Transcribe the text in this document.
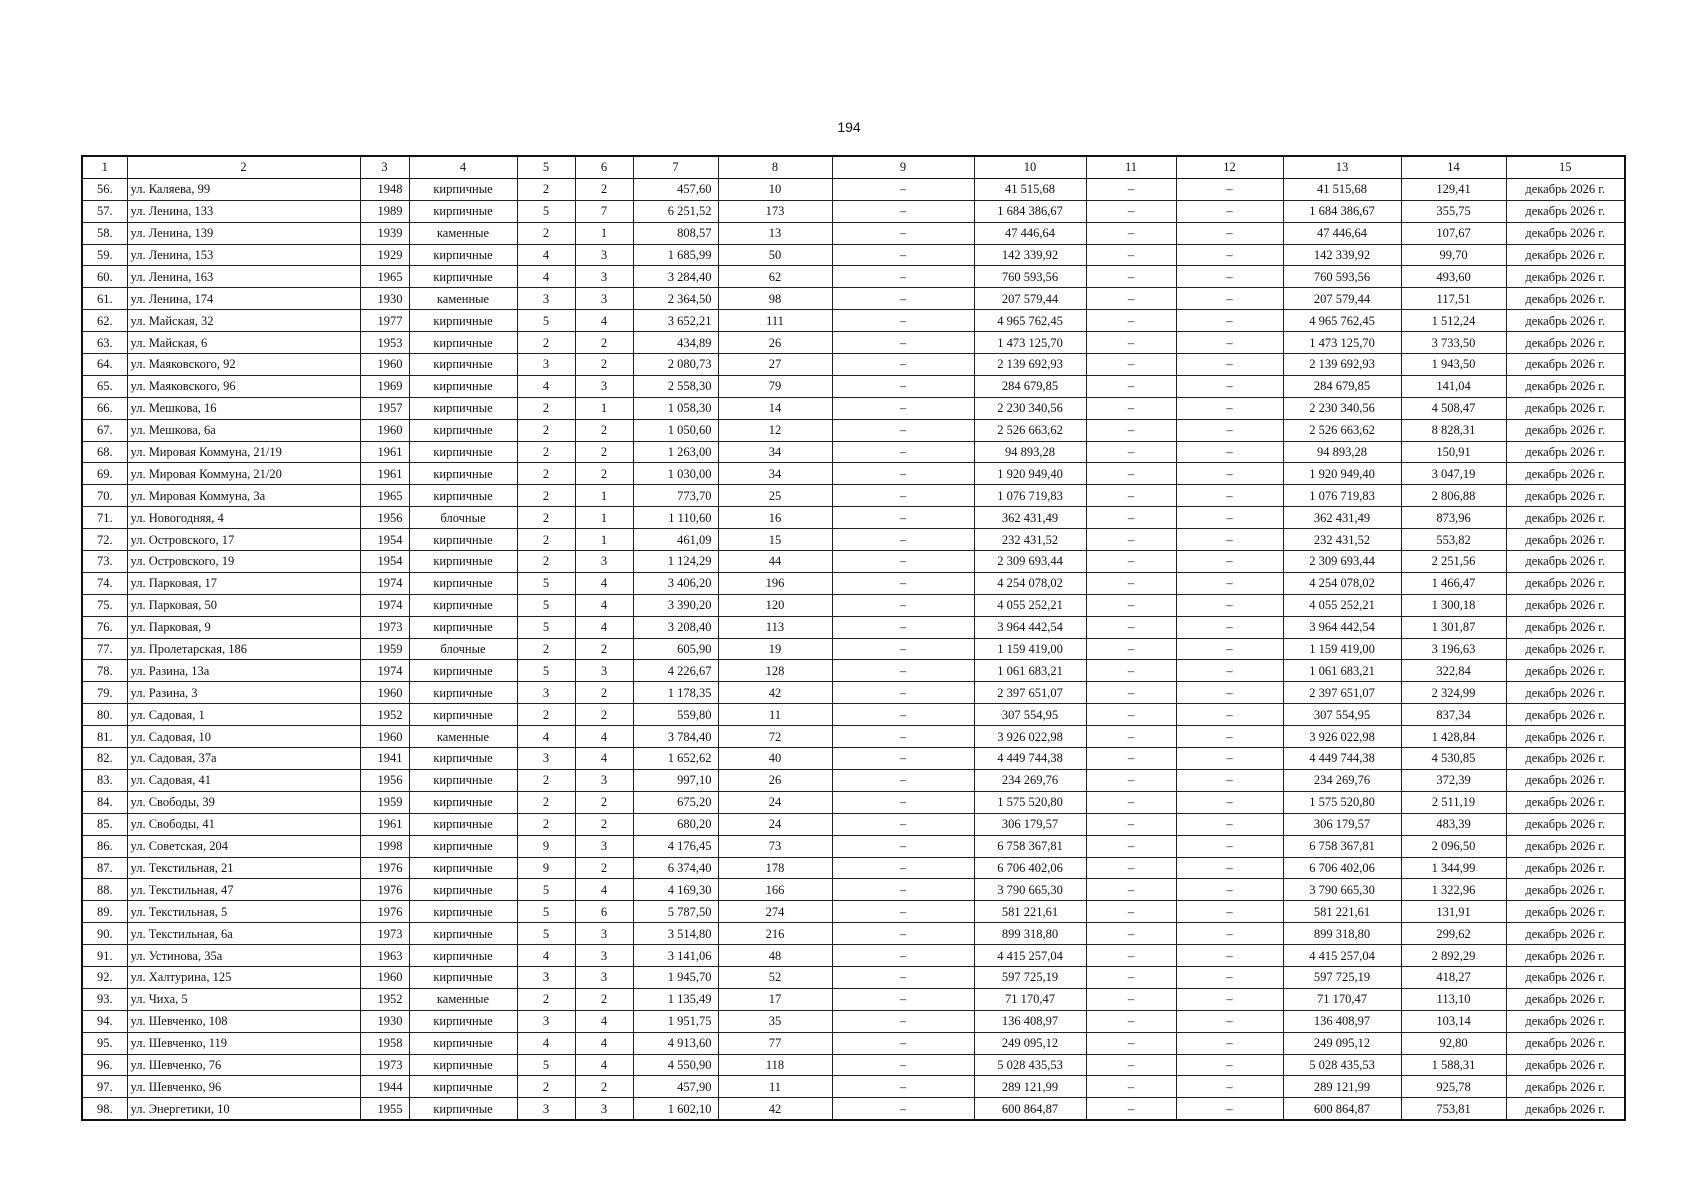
194
1	2	3	4	5	6	7	8	9	10	11	12	13	14	15
56.	ул. Каляева, 99	1948	кирпичные	2	2	457,60	10	–	41 515,68	–	–	41 515,68	129,41	декабрь 2026 г.
57.	ул. Ленина, 133	1989	кирпичные	5	7	6 251,52	173	–	1 684 386,67	–	–	1 684 386,67	355,75	декабрь 2026 г.
58.	ул. Ленина, 139	1939	каменные	2	1	808,57	13	–	47 446,64	–	–	47 446,64	107,67	декабрь 2026 г.
59.	ул. Ленина, 153	1929	кирпичные	4	3	1 685,99	50	–	142 339,92	–	–	142 339,92	99,70	декабрь 2026 г.
60.	ул. Ленина, 163	1965	кирпичные	4	3	3 284,40	62	–	760 593,56	–	–	760 593,56	493,60	декабрь 2026 г.
61.	ул. Ленина, 174	1930	каменные	3	3	2 364,50	98	–	207 579,44	–	–	207 579,44	117,51	декабрь 2026 г.
62.	ул. Майская, 32	1977	кирпичные	5	4	3 652,21	111	–	4 965 762,45	–	–	4 965 762,45	1 512,24	декабрь 2026 г.
63.	ул. Майская, 6	1953	кирпичные	2	2	434,89	26	–	1 473 125,70	–	–	1 473 125,70	3 733,50	декабрь 2026 г.
64.	ул. Маяковского, 92	1960	кирпичные	3	2	2 080,73	27	–	2 139 692,93	–	–	2 139 692,93	1 943,50	декабрь 2026 г.
65.	ул. Маяковского, 96	1969	кирпичные	4	3	2 558,30	79	–	284 679,85	–	–	284 679,85	141,04	декабрь 2026 г.
66.	ул. Мешкова, 16	1957	кирпичные	2	1	1 058,30	14	–	2 230 340,56	–	–	2 230 340,56	4 508,47	декабрь 2026 г.
67.	ул. Мешкова, 6а	1960	кирпичные	2	2	1 050,60	12	–	2 526 663,62	–	–	2 526 663,62	8 828,31	декабрь 2026 г.
68.	ул. Мировая Коммуна, 21/19	1961	кирпичные	2	2	1 263,00	34	–	94 893,28	–	–	94 893,28	150,91	декабрь 2026 г.
69.	ул. Мировая Коммуна, 21/20	1961	кирпичные	2	2	1 030,00	34	–	1 920 949,40	–	–	1 920 949,40	3 047,19	декабрь 2026 г.
70.	ул. Мировая Коммуна, 3а	1965	кирпичные	2	1	773,70	25	–	1 076 719,83	–	–	1 076 719,83	2 806,88	декабрь 2026 г.
71.	ул. Новогодняя, 4	1956	блочные	2	1	1 110,60	16	–	362 431,49	–	–	362 431,49	873,96	декабрь 2026 г.
72.	ул. Островского, 17	1954	кирпичные	2	1	461,09	15	–	232 431,52	–	–	232 431,52	553,82	декабрь 2026 г.
73.	ул. Островского, 19	1954	кирпичные	2	3	1 124,29	44	–	2 309 693,44	–	–	2 309 693,44	2 251,56	декабрь 2026 г.
74.	ул. Парковая, 17	1974	кирпичные	5	4	3 406,20	196	–	4 254 078,02	–	–	4 254 078,02	1 466,47	декабрь 2026 г.
75.	ул. Парковая, 50	1974	кирпичные	5	4	3 390,20	120	–	4 055 252,21	–	–	4 055 252,21	1 300,18	декабрь 2026 г.
76.	ул. Парковая, 9	1973	кирпичные	5	4	3 208,40	113	–	3 964 442,54	–	–	3 964 442,54	1 301,87	декабрь 2026 г.
77.	ул. Пролетарская, 186	1959	блочные	2	2	605,90	19	–	1 159 419,00	–	–	1 159 419,00	3 196,63	декабрь 2026 г.
78.	ул. Разина, 13а	1974	кирпичные	5	3	4 226,67	128	–	1 061 683,21	–	–	1 061 683,21	322,84	декабрь 2026 г.
79.	ул. Разина, 3	1960	кирпичные	3	2	1 178,35	42	–	2 397 651,07	–	–	2 397 651,07	2 324,99	декабрь 2026 г.
80.	ул. Садовая, 1	1952	кирпичные	2	2	559,80	11	–	307 554,95	–	–	307 554,95	837,34	декабрь 2026 г.
81.	ул. Садовая, 10	1960	каменные	4	4	3 784,40	72	–	3 926 022,98	–	–	3 926 022,98	1 428,84	декабрь 2026 г.
82.	ул. Садовая, 37а	1941	кирпичные	3	4	1 652,62	40	–	4 449 744,38	–	–	4 449 744,38	4 530,85	декабрь 2026 г.
83.	ул. Садовая, 41	1956	кирпичные	2	3	997,10	26	–	234 269,76	–	–	234 269,76	372,39	декабрь 2026 г.
84.	ул. Свободы, 39	1959	кирпичные	2	2	675,20	24	–	1 575 520,80	–	–	1 575 520,80	2 511,19	декабрь 2026 г.
85.	ул. Свободы, 41	1961	кирпичные	2	2	680,20	24	–	306 179,57	–	–	306 179,57	483,39	декабрь 2026 г.
86.	ул. Советская, 204	1998	кирпичные	9	3	4 176,45	73	–	6 758 367,81	–	–	6 758 367,81	2 096,50	декабрь 2026 г.
87.	ул. Текстильная, 21	1976	кирпичные	9	2	6 374,40	178	–	6 706 402,06	–	–	6 706 402,06	1 344,99	декабрь 2026 г.
88.	ул. Текстильная, 47	1976	кирпичные	5	4	4 169,30	166	–	3 790 665,30	–	–	3 790 665,30	1 322,96	декабрь 2026 г.
89.	ул. Текстильная, 5	1976	кирпичные	5	6	5 787,50	274	–	581 221,61	–	–	581 221,61	131,91	декабрь 2026 г.
90.	ул. Текстильная, 6а	1973	кирпичные	5	3	3 514,80	216	–	899 318,80	–	–	899 318,80	299,62	декабрь 2026 г.
91.	ул. Устинова, 35а	1963	кирпичные	4	3	3 141,06	48	–	4 415 257,04	–	–	4 415 257,04	2 892,29	декабрь 2026 г.
92.	ул. Халтурина, 125	1960	кирпичные	3	3	1 945,70	52	–	597 725,19	–	–	597 725,19	418,27	декабрь 2026 г.
93.	ул. Чиха, 5	1952	каменные	2	2	1 135,49	17	–	71 170,47	–	–	71 170,47	113,10	декабрь 2026 г.
94.	ул. Шевченко, 108	1930	кирпичные	3	4	1 951,75	35	–	136 408,97	–	–	136 408,97	103,14	декабрь 2026 г.
95.	ул. Шевченко, 119	1958	кирпичные	4	4	4 913,60	77	–	249 095,12	–	–	249 095,12	92,80	декабрь 2026 г.
96.	ул. Шевченко, 76	1973	кирпичные	5	4	4 550,90	118	–	5 028 435,53	–	–	5 028 435,53	1 588,31	декабрь 2026 г.
97.	ул. Шевченко, 96	1944	кирпичные	2	2	457,90	11	–	289 121,99	–	–	289 121,99	925,78	декабрь 2026 г.
98.	ул. Энергетики, 10	1955	кирпичные	3	3	1 602,10	42	–	600 864,87	–	–	600 864,87	753,81	декабрь 2026 г.
